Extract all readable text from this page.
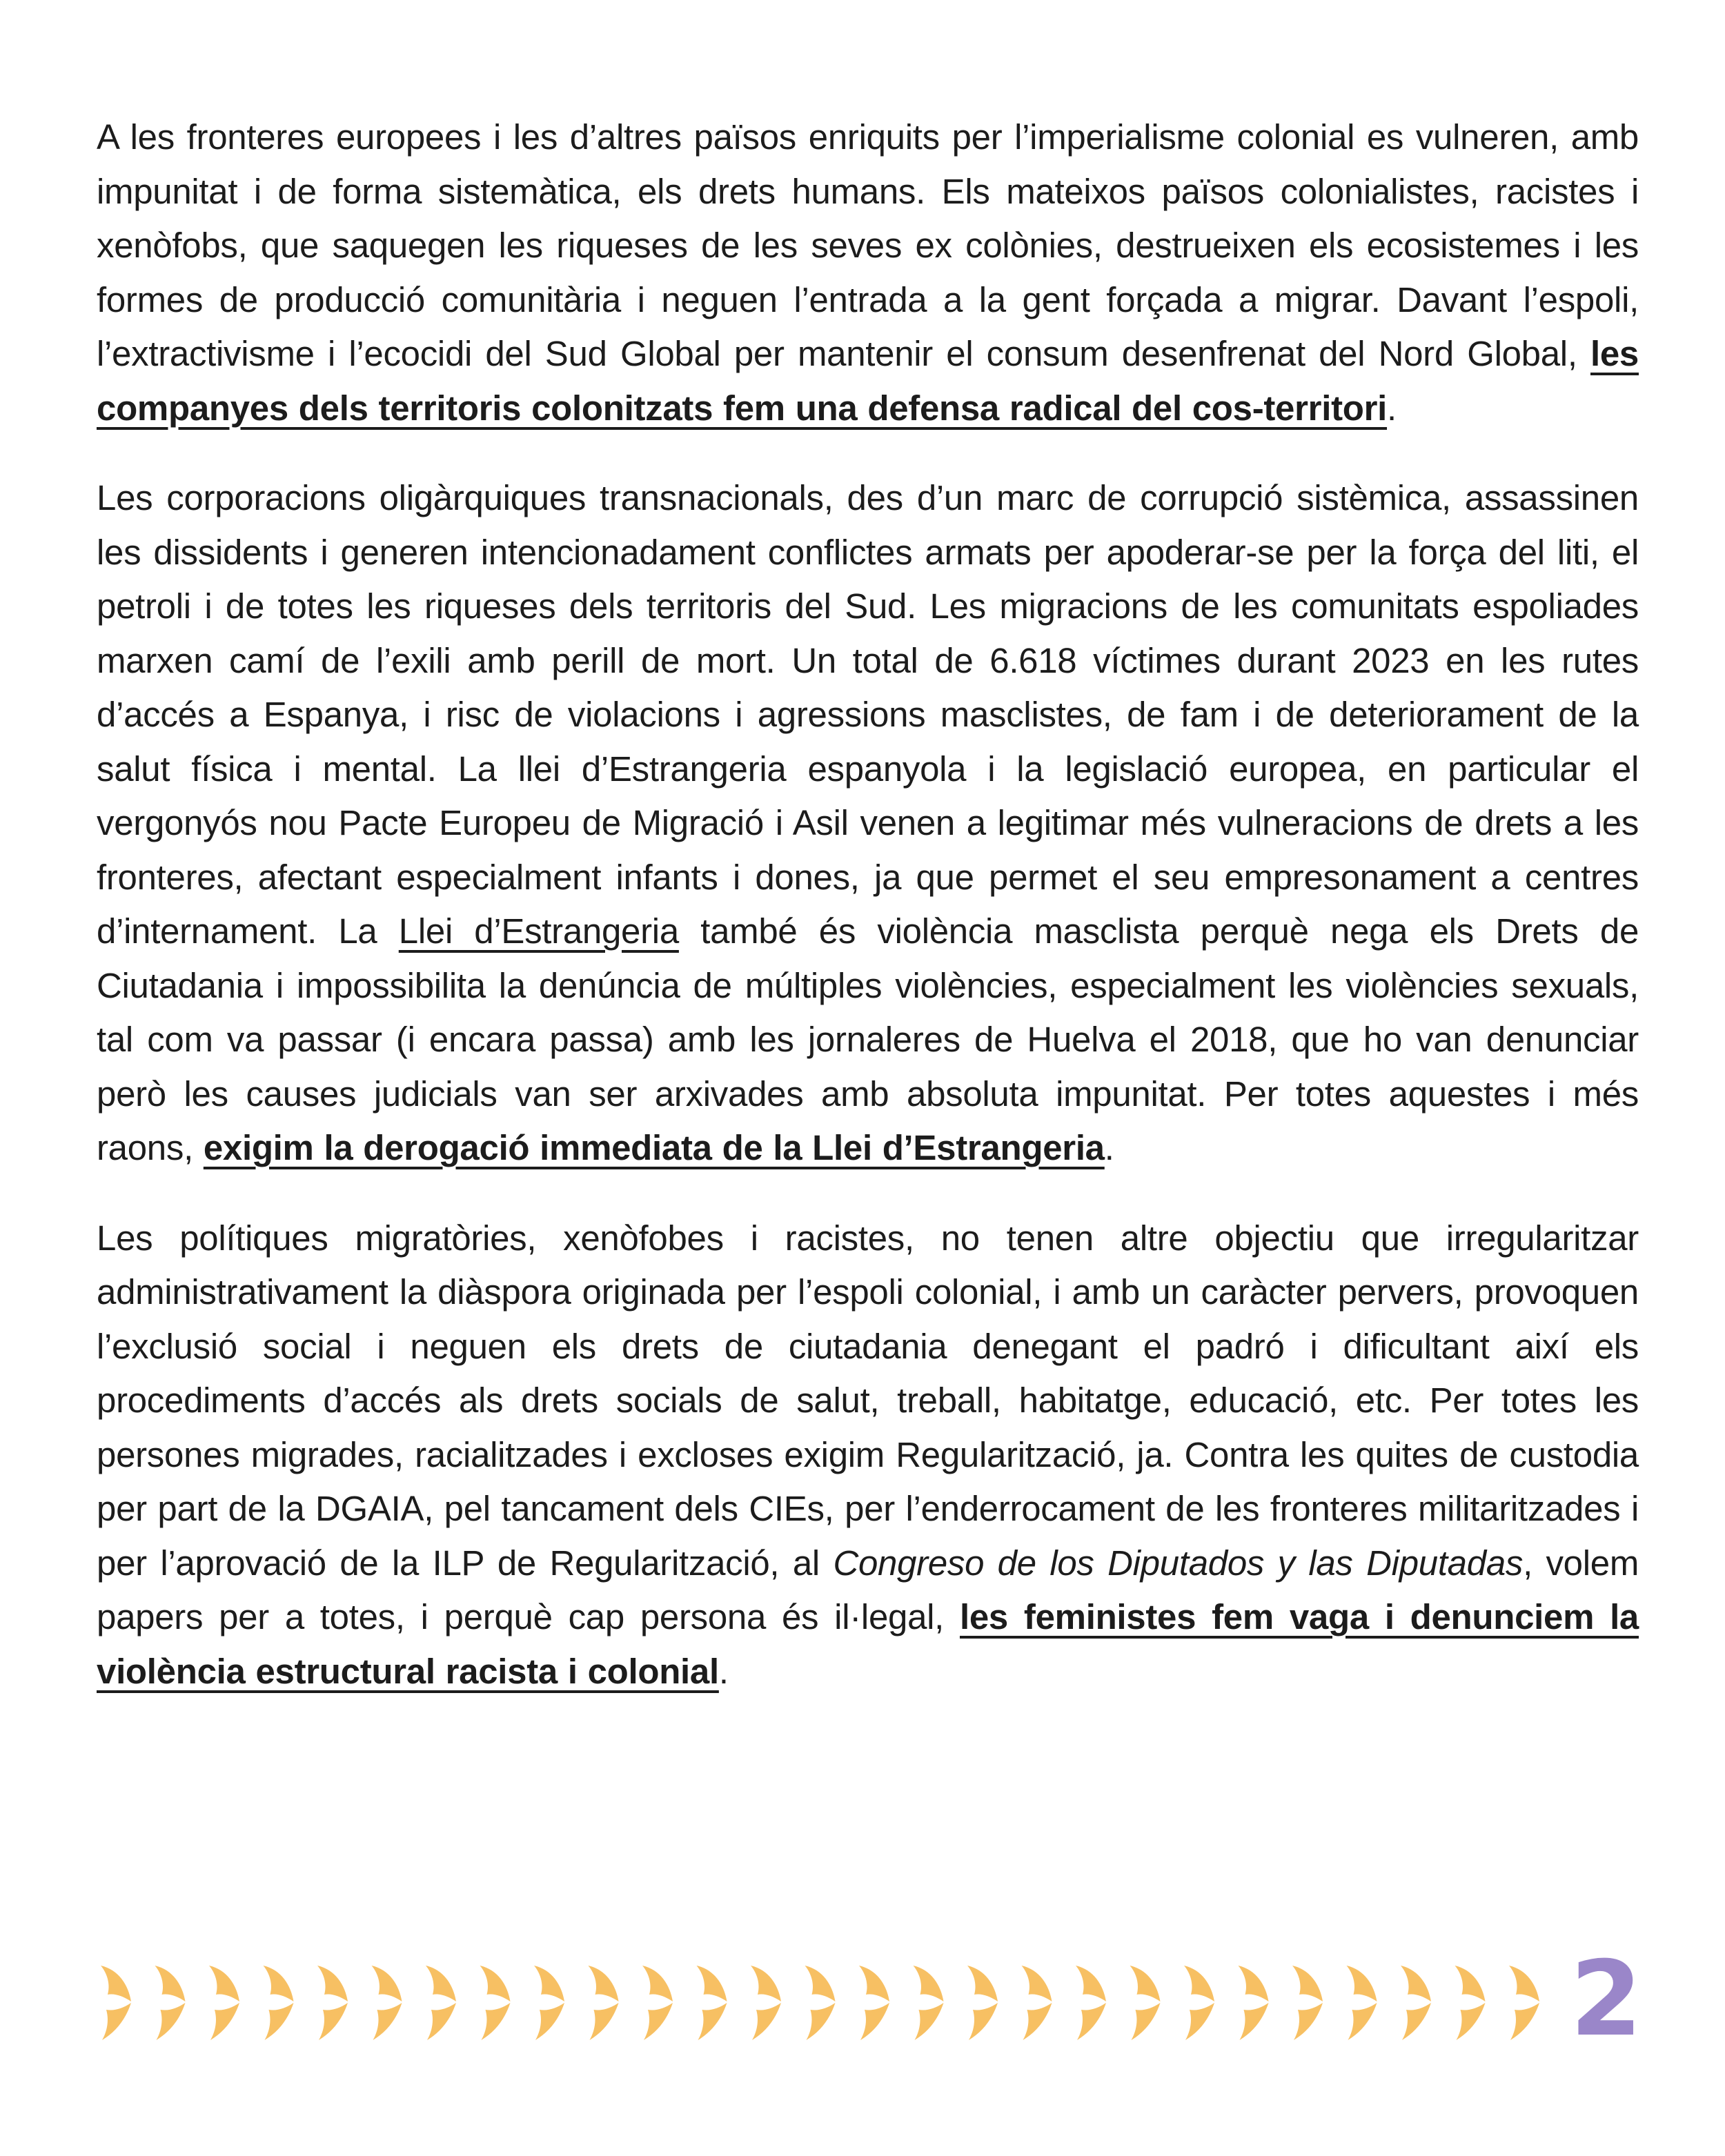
A les fronteres europees i les d’altres països enriquits per l’imperialisme colonial es vulneren, amb impunitat i de forma sistemàtica, els drets humans. Els mateixos països colonialistes, racistes i xenòfobs, que saquegen les riqueses de les seves ex colònies, destrueixen els ecosistemes i les formes de producció comunitària i neguen l’entrada a la gent forçada a migrar. Davant l’espoli, l’extractivisme i l’ecocidi del Sud Global per mantenir el consum desenfrenat del Nord Global, les companyes dels territoris colonitzats fem una defensa radical del cos-territori.

Les corporacions oligàrquiques transnacionals, des d’un marc de corrupció sistèmica, assassinen les dissidents i generen intencionadament conflictes armats per apoderar-se per la força del liti, el petroli i de totes les riqueses dels territoris del Sud. Les migracions de les comunitats espoliades marxen camí de l’exili amb perill de mort. Un total de 6.618 víctimes durant 2023 en les rutes d’accés a Espanya, i risc de violacions i agressions masclistes, de fam i de deteriorament de la salut física i mental. La llei d’Estrangeria espanyola i la legislació europea, en particular el vergonyós nou Pacte Europeu de Migració i Asil venen a legitimar més vulneracions de drets a les fronteres, afectant especialment infants i dones, ja que permet el seu empresonament a centres d’internament. La Llei d’Estrangeria també és violència masclista perquè nega els Drets de Ciutadania i impossibilita la denúncia de múltiples violències, especialment les violències sexuals, tal com va passar (i encara passa) amb les jornaleres de Huelva el 2018, que ho van denunciar però les causes judicials van ser arxivades amb absoluta impunitat. Per totes aquestes i més raons, exigim la derogació immediata de la Llei d’Estrangeria.

Les polítiques migratòries, xenòfobes i racistes, no tenen altre objectiu que irregularitzar administrativament la diàspora originada per l’espoli colonial, i amb un caràcter pervers, provoquen l’exclusió social i neguen els drets de ciutadania denegant el padró i dificultant així els procediments d’accés als drets socials de salut, treball, habitatge, educació, etc. Per totes les persones migrades, racialitzades i excloses exigim Regularització, ja. Contra les quites de custodia per part de la DGAIA, pel tancament dels CIEs, per l’enderrocament de les fronteres militaritzades i per l’aprovació de la ILP de Regularització, al Congreso de los Diputados y las Diputadas, volem papers per a totes, i perquè cap persona és il·legal, les feministes fem vaga i denunciem la violència estructural racista i colonial.

2
